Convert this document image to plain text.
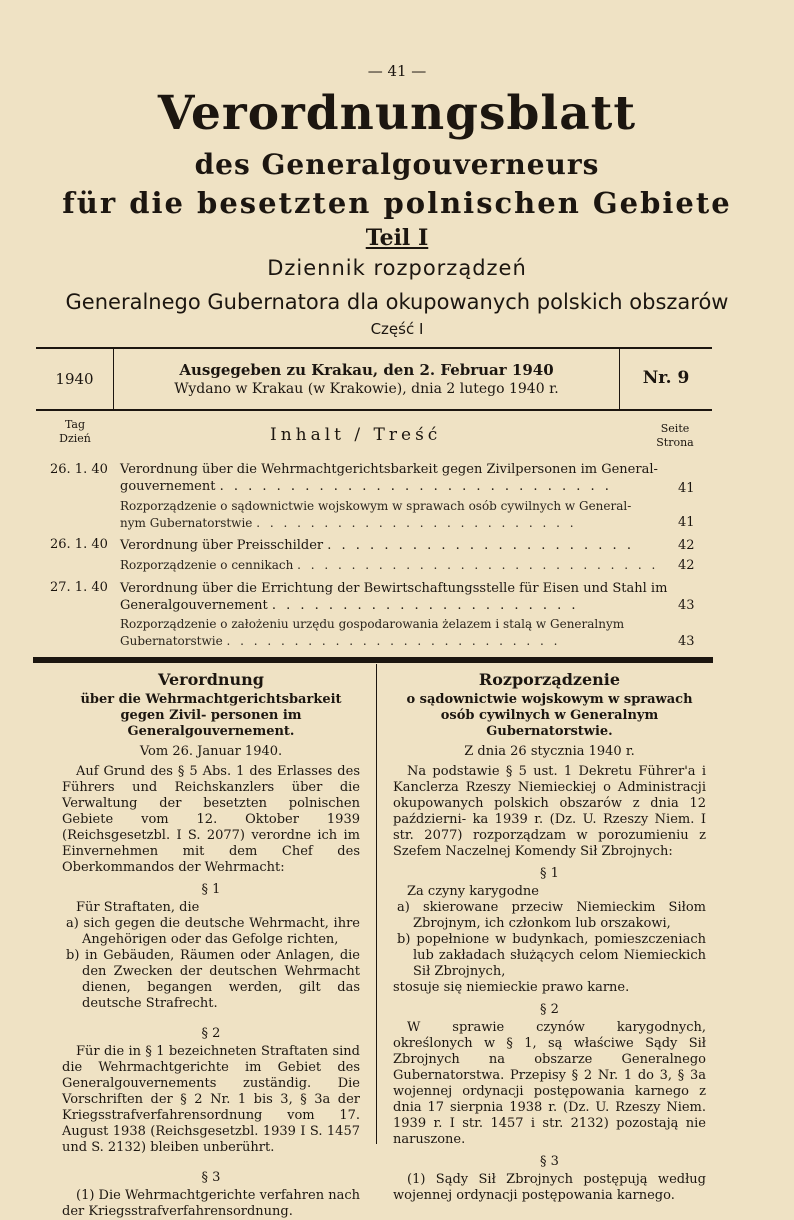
— 41 —
Verordnungsblatt
des Generalgouverneurs
für die besetzten polnischen Gebiete
Teil I
Dziennik rozporządzeń
Generalnego Gubernatora dla okupowanych polskich obszarów
Część I
1940	Ausgegeben zu Krakau, den 2. Februar 1940
Wydano w Krakau (w Krakowie), dnia 2 lutego 1940 r.
Nr. 9
Tag
Dzień	Inhalt / Treść	Seite
Strona
26. 1. 40 Verordnung über die Wehrmachtgerichtsbarkeit gegen Zivilpersonen im General-
gouvernement . . . . . . . . . . . . . . . . . . . . . . . . . . . .	41
Rozporządzenie o sądownictwie wojskowym w sprawach osób cywilnych w General-
nym Gubernatorstwie . . . . . . . . . . . . . . . . . . . . . . . .	41
26. 1. 40 Verordnung über Preisschilder . . . . . . . . . . . . . . . . . . . . . .	42
Rozporządzenie o cennikach . . . . . . . . . . . . . . . . . . . . . . . . . . .	42
27. 1. 40 Verordnung über die Errichtung der Bewirtschaftungsstelle für Eisen und Stahl im
Generalgouvernement . . . . . . . . . . . . . . . . . . . . . .	43
Rozporządzenie o założeniu urzędu gospodarowania żelazem i stalą w Generalnym
Gubernatorstwie . . . . . . . . . . . . . . . . . . . . . . . . .	43
Verordnung
über die Wehrmachtgerichtsbarkeit gegen Zivil- personen im Generalgouvernement.
Vom 26. Januar 1940.

Auf Grund des § 5 Abs. 1 des Erlasses des Führers und Reichskanzlers über die Verwaltung der besetzten polnischen Gebiete vom 12. Oktober 1939 (Reichsgesetzbl. I S. 2077) verordne ich im Einvernehmen mit dem Chef des Oberkommandos der Wehrmacht:

§ 1

Für Straftaten, die

a) sich gegen die deutsche Wehrmacht, ihre Angehörigen oder das Gefolge richten,
b) in Gebäuden, Räumen oder Anlagen, die den Zwecken der deutschen Wehrmacht dienen, begangen werden, gilt das deutsche Strafrecht.
§ 2

Für die in § 1 bezeichneten Straftaten sind die Wehrmachtgerichte im Gebiet des Generalgouvernements zuständig. Die Vorschriften der § 2 Nr. 1 bis 3, § 3a der Kriegsstrafverfahrensordnung vom 17. August 1938 (Reichsgesetzbl. 1939 I S. 1457 und S. 2132) bleiben unberührt.

§ 3

(1) Die Wehrmachtgerichte verfahren nach der Kriegsstrafverfahrensordnung.

Rozporządzenie
o sądownictwie wojskowym w sprawach osób cywilnych w Generalnym Gubernatorstwie.
Z dnia 26 stycznia 1940 r.

Na podstawie § 5 ust. 1 Dekretu Führer'a i Kanclerza Rzeszy Niemieckiej o Administracji okupowanych polskich obszarów z dnia 12 październi- ka 1939 r. (Dz. U. Rzeszy Niem. I str. 2077) rozporządzam w porozumieniu z Szefem Naczelnej Komendy Sił Zbrojnych:

§ 1

Za czyny karygodne

a) skierowane przeciw Niemieckim Siłom Zbrojnym, ich członkom lub orszakowi,
b) popełnione w budynkach, pomieszczeniach lub zakładach służących celom Niemieckich Sił Zbrojnych,
stosuje się niemieckie prawo karne.
§ 2

W sprawie czynów karygodnych, określonych w § 1, są właściwe Sądy Sił Zbrojnych na obszarze Generalnego Gubernatorstwa. Przepisy § 2 Nr. 1 do 3, § 3a wojennej ordynacji postępowania karnego z dnia 17 sierpnia 1938 r. (Dz. U. Rzeszy Niem. 1939 r. I str. 1457 i str. 2132) pozostają nie naruszone.

§ 3

(1) Sądy Sił Zbrojnych postępują według wojennej ordynacji postępowania karnego.
